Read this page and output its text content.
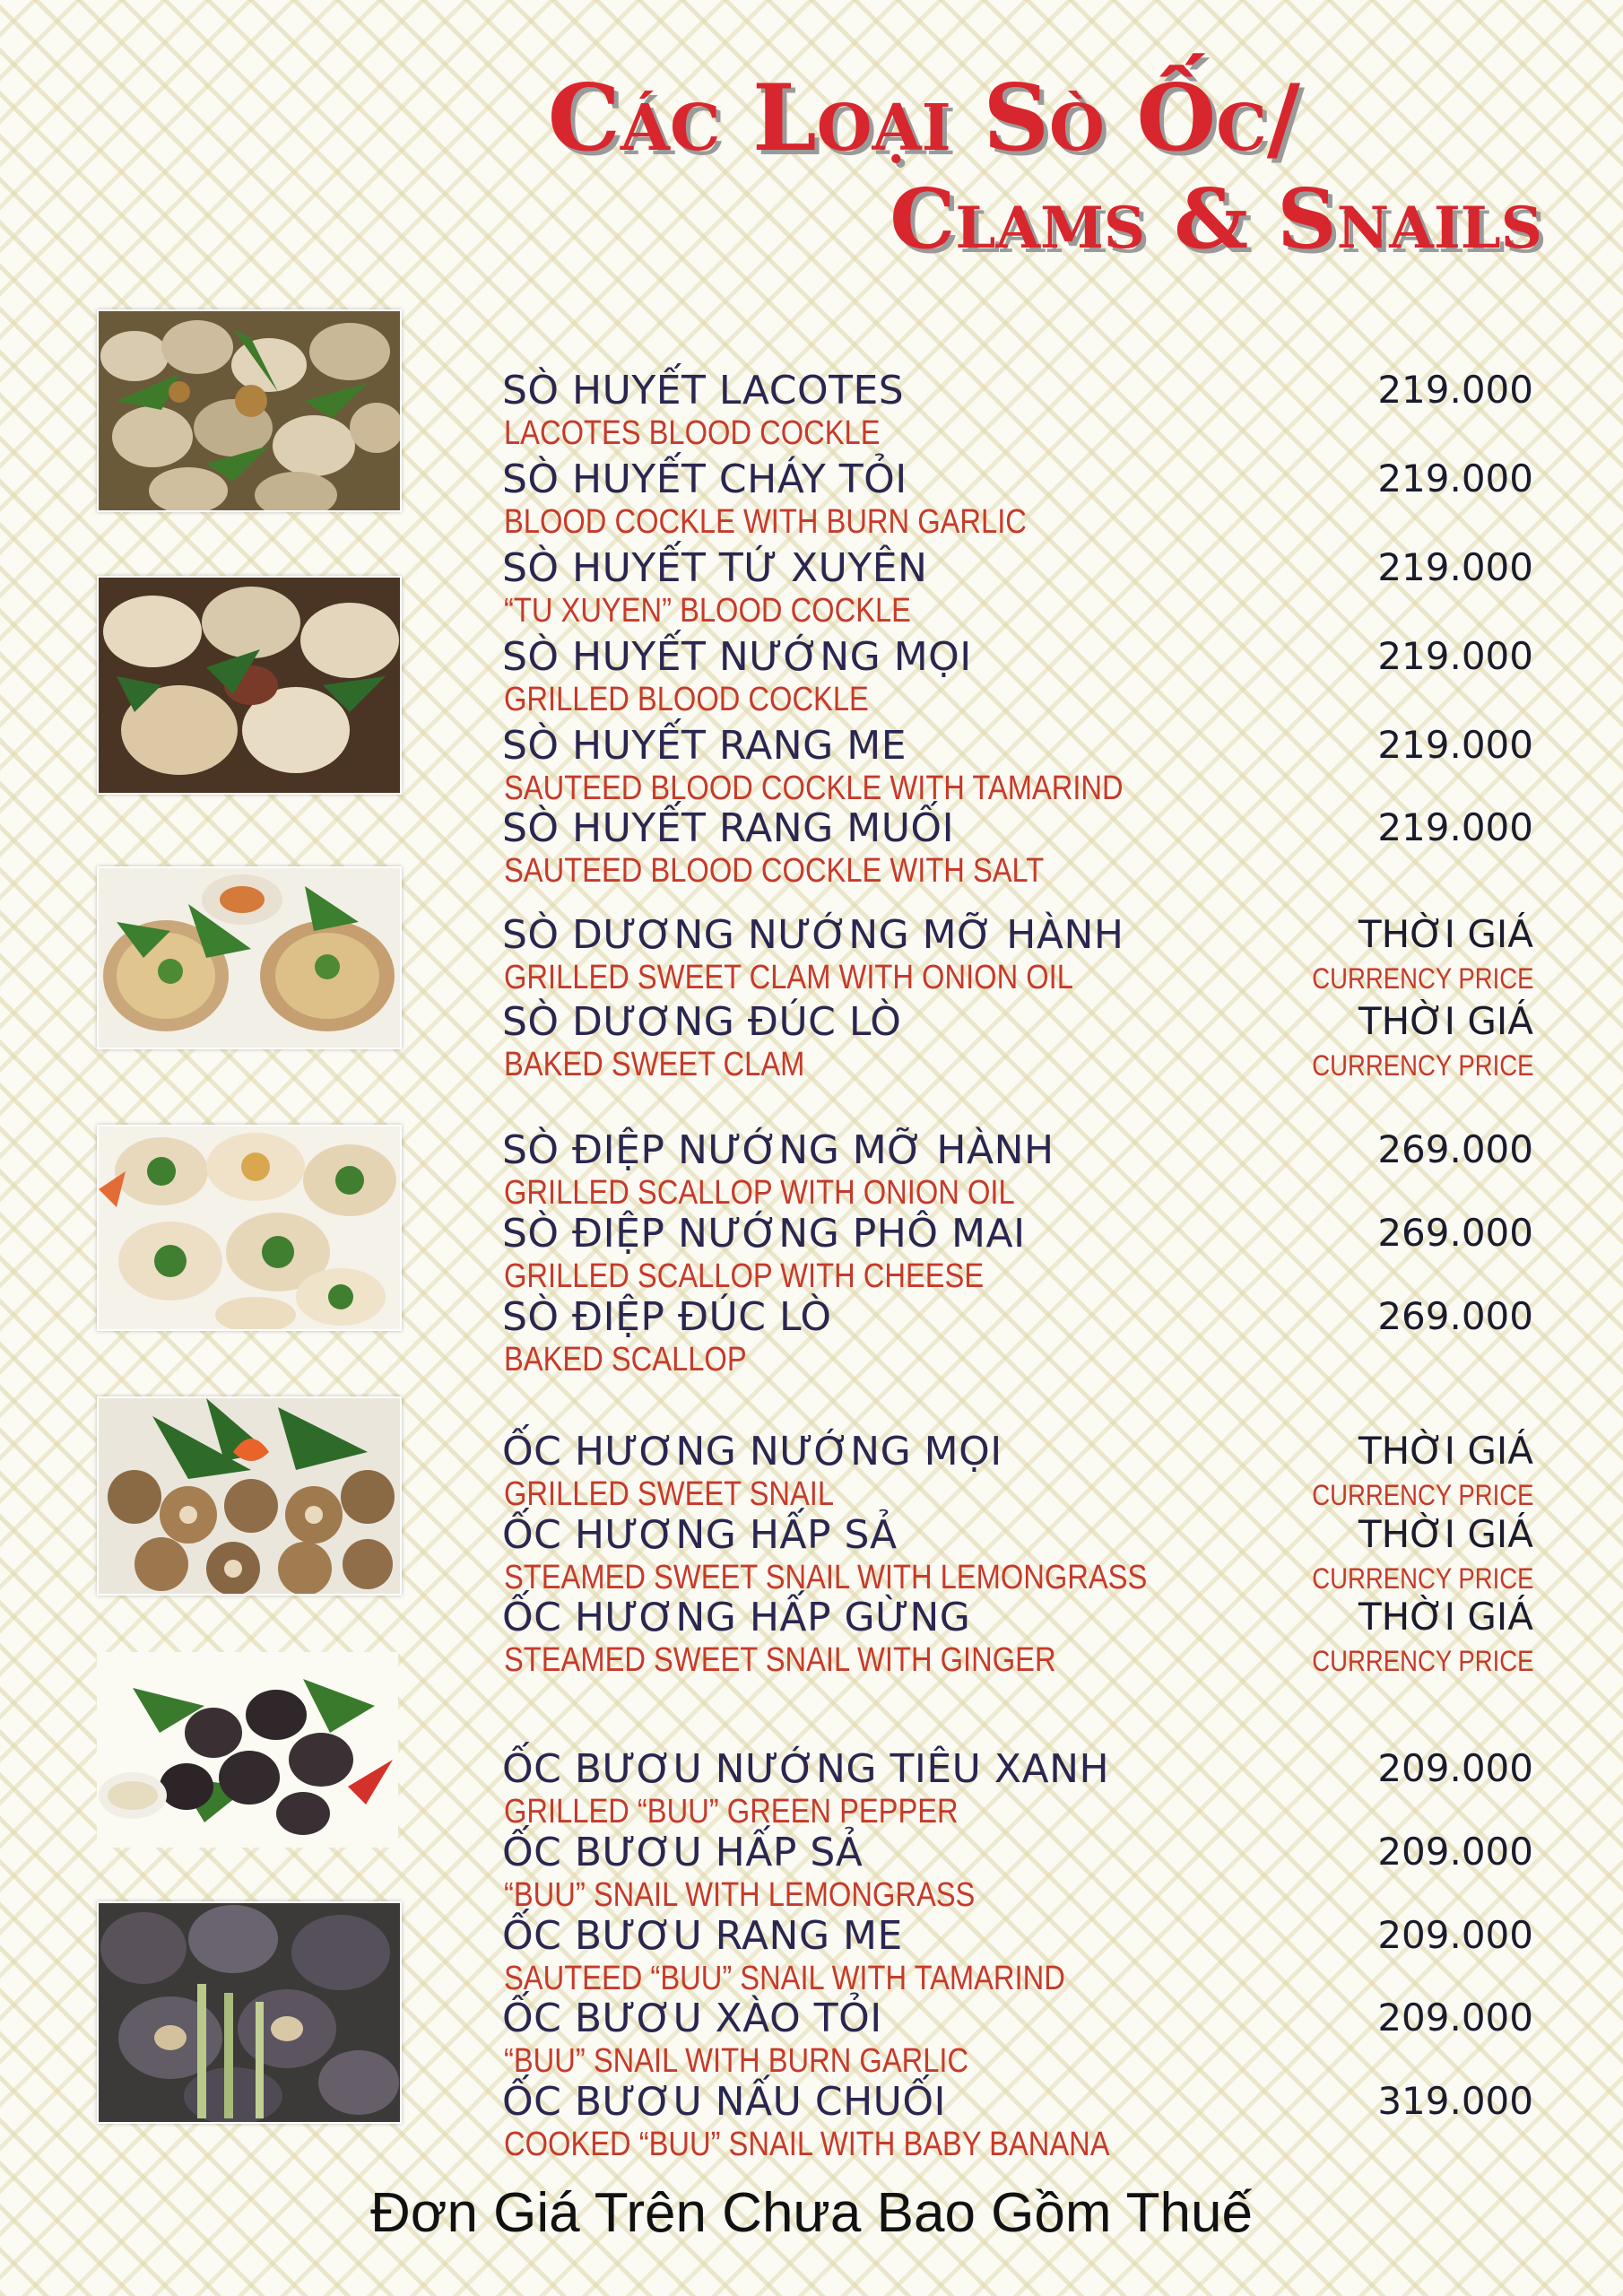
Các Loại Sò Ốc/
Clams & Snails
SÒ HUYẾT LACOTES
LACOTES BLOOD COCKLE
219.000
SÒ HUYẾT CHÁY TỎI
BLOOD COCKLE WITH BURN GARLIC
219.000
SÒ HUYẾT TỨ XUYÊN
“TU XUYEN” BLOOD COCKLE
219.000
SÒ HUYẾT NƯỚNG MỌI
GRILLED BLOOD COCKLE
219.000
SÒ HUYẾT RANG ME
SAUTEED BLOOD COCKLE WITH TAMARIND
219.000
SÒ HUYẾT RANG MUỐI
SAUTEED BLOOD COCKLE WITH SALT
219.000
SÒ DƯƠNG NƯỚNG MỠ HÀNH
GRILLED SWEET CLAM WITH ONION OIL
THỜI GIÁ
CURRENCY PRICE
SÒ DƯƠNG ĐÚC LÒ
BAKED SWEET CLAM
THỜI GIÁ
CURRENCY PRICE
SÒ ĐIỆP NƯỚNG MỠ HÀNH
GRILLED SCALLOP WITH ONION OIL
269.000
SÒ ĐIỆP NƯỚNG PHÔ MAI
GRILLED SCALLOP WITH CHEESE
269.000
SÒ ĐIỆP ĐÚC LÒ
BAKED SCALLOP
269.000
ỐC HƯƠNG NƯỚNG MỌI
GRILLED SWEET SNAIL
THỜI GIÁ
CURRENCY PRICE
ỐC HƯƠNG HẤP SẢ
STEAMED SWEET SNAIL WITH LEMONGRASS
THỜI GIÁ
CURRENCY PRICE
ỐC HƯƠNG HẤP GỪNG
STEAMED SWEET SNAIL WITH GINGER
THỜI GIÁ
CURRENCY PRICE
ỐC BƯƠU NƯỚNG TIÊU XANH
GRILLED “BUU” GREEN PEPPER
209.000
ỐC BƯƠU HẤP SẢ
“BUU” SNAIL WITH LEMONGRASS
209.000
ỐC BƯƠU RANG ME
SAUTEED “BUU” SNAIL WITH TAMARIND
209.000
ỐC BƯƠU XÀO TỎI
“BUU” SNAIL WITH BURN GARLIC
209.000
ỐC BƯƠU NẤU CHUỐI
COOKED “BUU” SNAIL WITH BABY BANANA
319.000
Đơn Giá Trên Chưa Bao Gồm Thuế
